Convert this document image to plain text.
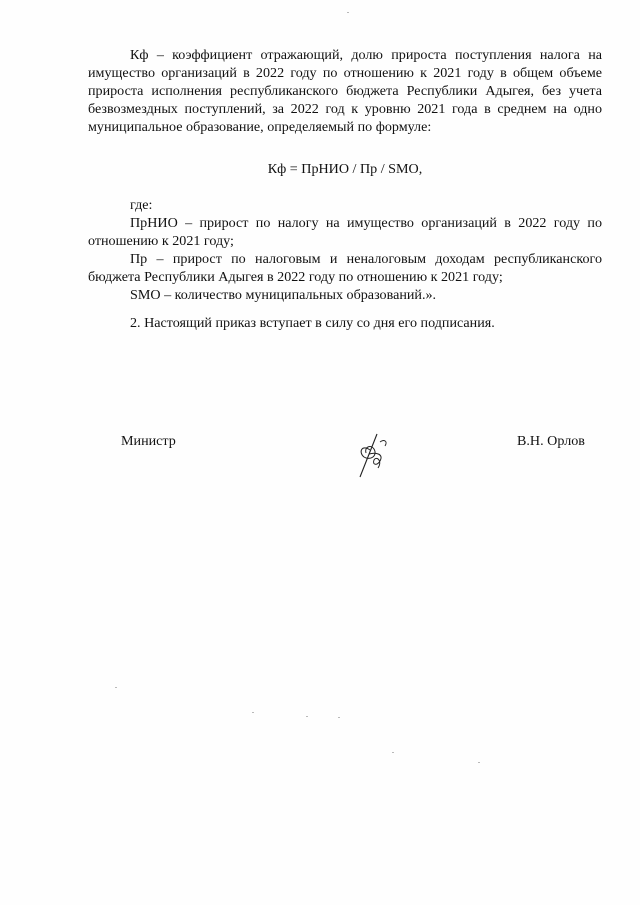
Кф – коэффициент отражающий, долю прироста поступления налога на имущество организаций в 2022 году по отношению к 2021 году в общем объеме прироста исполнения республиканского бюджета Республики Адыгея, без учета безвозмездных поступлений, за 2022 год к уровню 2021 года в среднем на одно муниципальное образование, определяемый по формуле:

Кф = ПрНИО / Пр / SМО,

где:

ПрНИО – прирост по налогу на имущество организаций в 2022 году по отношению к 2021 году;

Пр – прирост по налоговым и неналоговым доходам республиканского бюджета Республики Адыгея в 2022 году по отношению к 2021 году;

SМО – количество муниципальных образований.».

2. Настоящий приказ вступает в силу со дня его подписания.

Министр	В.Н. Орлов
